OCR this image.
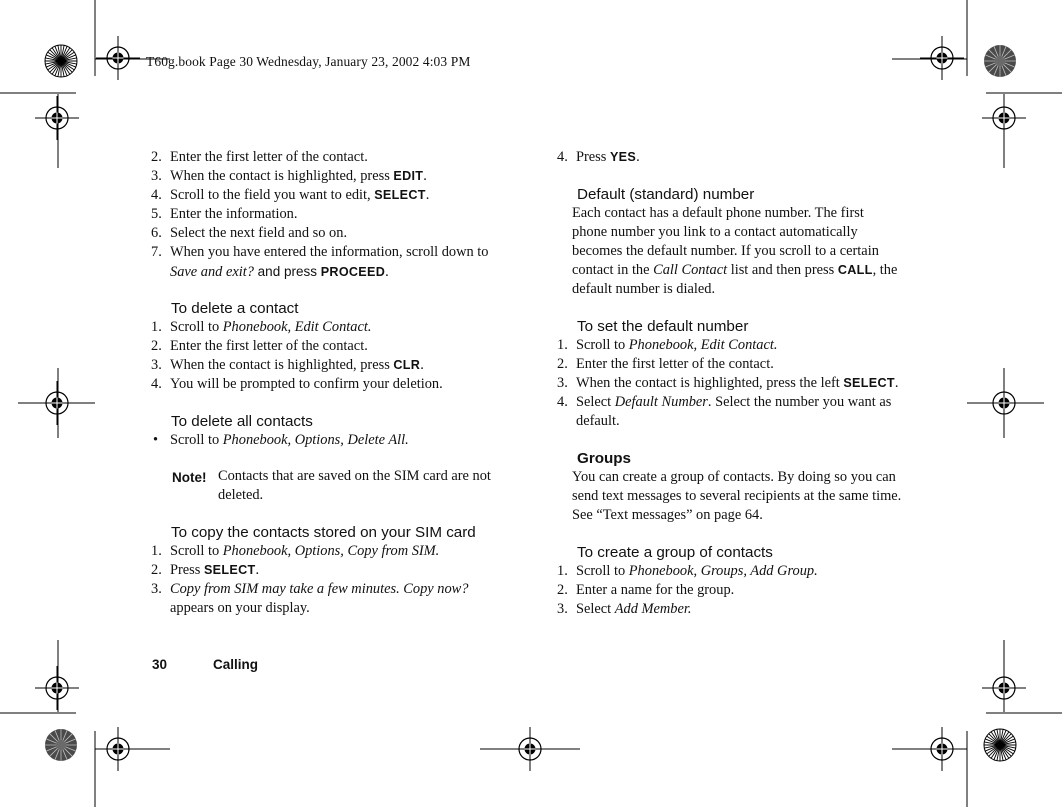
T60g.book Page 30 Wednesday, January 23, 2002 4:03 PM
2. Enter the first letter of the contact.
3. When the contact is highlighted, press EDIT.
4. Scroll to the field you want to edit, SELECT.
5. Enter the information.
6. Select the next field and so on.
7. When you have entered the information, scroll down to
Save and exit? and press PROCEED.
To delete a contact
1. Scroll to Phonebook, Edit Contact.
2. Enter the first letter of the contact.
3. When the contact is highlighted, press CLR.
4. You will be prompted to confirm your deletion.
To delete all contacts
• Scroll to Phonebook, Options, Delete All.
Note! Contacts that are saved on the SIM card are not
deleted.
To copy the contacts stored on your SIM card
1. Scroll to Phonebook, Options, Copy from SIM.
2. Press SELECT.
3. Copy from SIM may take a few minutes. Copy now?
appears on your display.
4. Press YES.
Default (standard) number
Each contact has a default phone number. The first
phone number you link to a contact automatically
becomes the default number. If you scroll to a certain
contact in the Call Contact list and then press CALL, the
default number is dialed.
To set the default number
1. Scroll to Phonebook, Edit Contact.
2. Enter the first letter of the contact.
3. When the contact is highlighted, press the left SELECT.
4. Select Default Number. Select the number you want as
default.
Groups
You can create a group of contacts. By doing so you can
send text messages to several recipients at the same time.
See “Text messages” on page 64.
To create a group of contacts
1. Scroll to Phonebook, Groups, Add Group.
2. Enter a name for the group.
3. Select Add Member.
30	Calling
